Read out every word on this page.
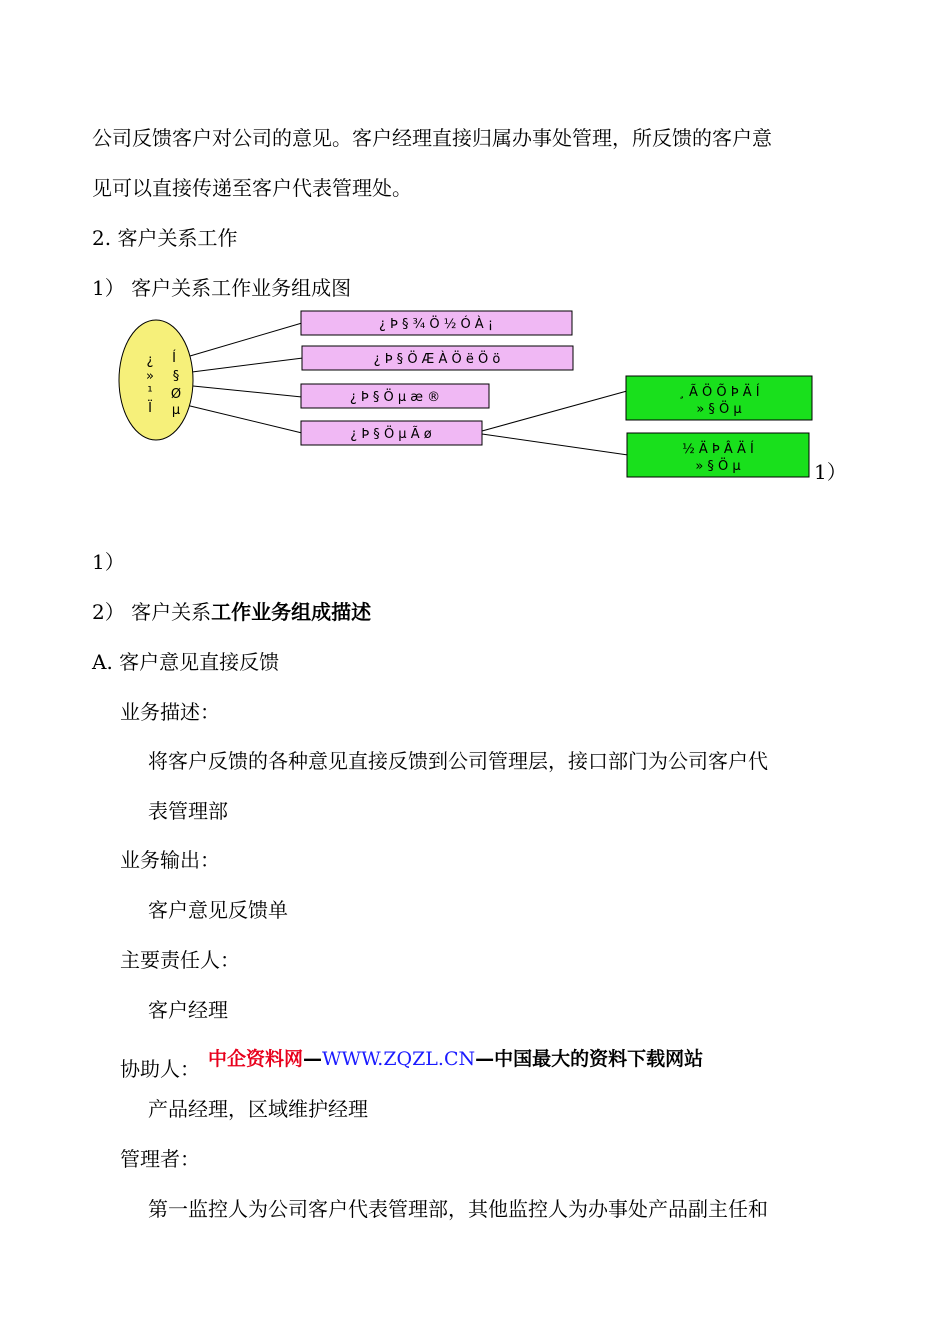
公司反馈客户对公司的意见。客户经理直接归属办事处管理，所反馈的客户意
见可以直接传递至客户代表管理处。
2. 客户关系工作
1） 客户关系工作业务组成图
¿
»
¹
Ï
Í
§
Ø
µ
¿ Þ § ¾ Ö ½ Ó À ¡
¿ Þ § Ö Æ À Ö ë Ö ö
¿ Þ § Ö µ æ ®
¿ Þ § Ö µ Ã ø
¸ Ã Ö Õ Þ Ä Í
» § Ö µ
½ Ä Þ Â Ä Í
» § Ö µ	1）
1）
2） 客户关系工作业务组成描述
A. 客户意见直接反馈
业务描述：
将客户反馈的各种意见直接反馈到公司管理层，接口部门为公司客户代
表管理部
业务输出：
客户意见反馈单
主要责任人：
客户经理
协助人： 中企资料网—WWW.ZQZL.CN—中国最大的资料下载网站
产品经理，区域维护经理
管理者：
第一监控人为公司客户代表管理部，其他监控人为办事处产品副主任和
